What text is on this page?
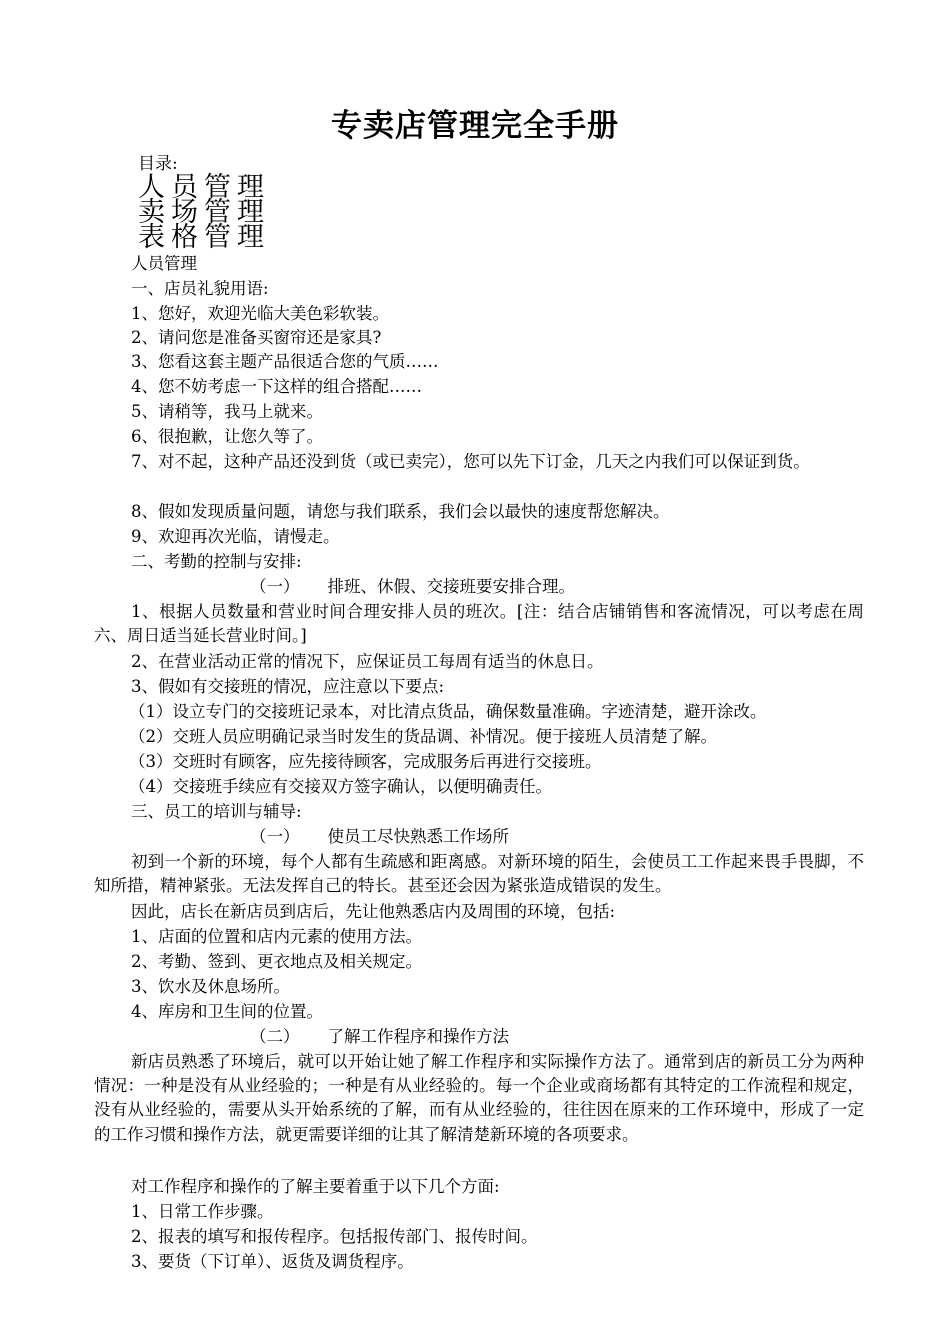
专卖店管理完全手册
目录:
人员管理
卖场管理
表格管理
人员管理
一、店员礼貌用语:
1、您好，欢迎光临大美色彩软装。
2、请问您是准备买窗帘还是家具?
3、您看这套主题产品很适合您的气质……
4、您不妨考虑一下这样的组合搭配……
5、请稍等，我马上就来。
6、很抱歉，让您久等了。
7、对不起，这种产品还没到货（或已卖完），您可以先下订金，几天之内我们可以保证到货。
8、假如发现质量问题，请您与我们联系，我们会以最快的速度帮您解决。
9、欢迎再次光临，请慢走。
二、考勤的控制与安排:
（一） 排班、休假、交接班要安排合理。
1、根据人员数量和营业时间合理安排人员的班次。[注：结合店铺销售和客流情况，可以考虑在周六、周日适当延长营业时间。]
2、在营业活动正常的情况下，应保证员工每周有适当的休息日。
3、假如有交接班的情况，应注意以下要点:
（1）设立专门的交接班记录本，对比清点货品，确保数量准确。字迹清楚，避开涂改。
（2）交班人员应明确记录当时发生的货品调、补情况。便于接班人员清楚了解。
（3）交班时有顾客，应先接待顾客，完成服务后再进行交接班。
（4）交接班手续应有交接双方签字确认，以便明确责任。
三、员工的培训与辅导:
（一） 使员工尽快熟悉工作场所
初到一个新的环境，每个人都有生疏感和距离感。对新环境的陌生，会使员工工作起来畏手畏脚，不知所措，精神紧张。无法发挥自己的特长。甚至还会因为紧张造成错误的发生。
因此，店长在新店员到店后，先让他熟悉店内及周围的环境，包括:
1、店面的位置和店内元素的使用方法。
2、考勤、签到、更衣地点及相关规定。
3、饮水及休息场所。
4、库房和卫生间的位置。
（二） 了解工作程序和操作方法
新店员熟悉了环境后，就可以开始让她了解工作程序和实际操作方法了。通常到店的新员工分为两种情况：一种是没有从业经验的；一种是有从业经验的。每一个企业或商场都有其特定的工作流程和规定，没有从业经验的，需要从头开始系统的了解，而有从业经验的，往往因在原来的工作环境中，形成了一定的工作习惯和操作方法，就更需要详细的让其了解清楚新环境的各项要求。
对工作程序和操作的了解主要着重于以下几个方面:
1、日常工作步骤。
2、报表的填写和报传程序。包括报传部门、报传时间。
3、要货（下订单）、返货及调货程序。
